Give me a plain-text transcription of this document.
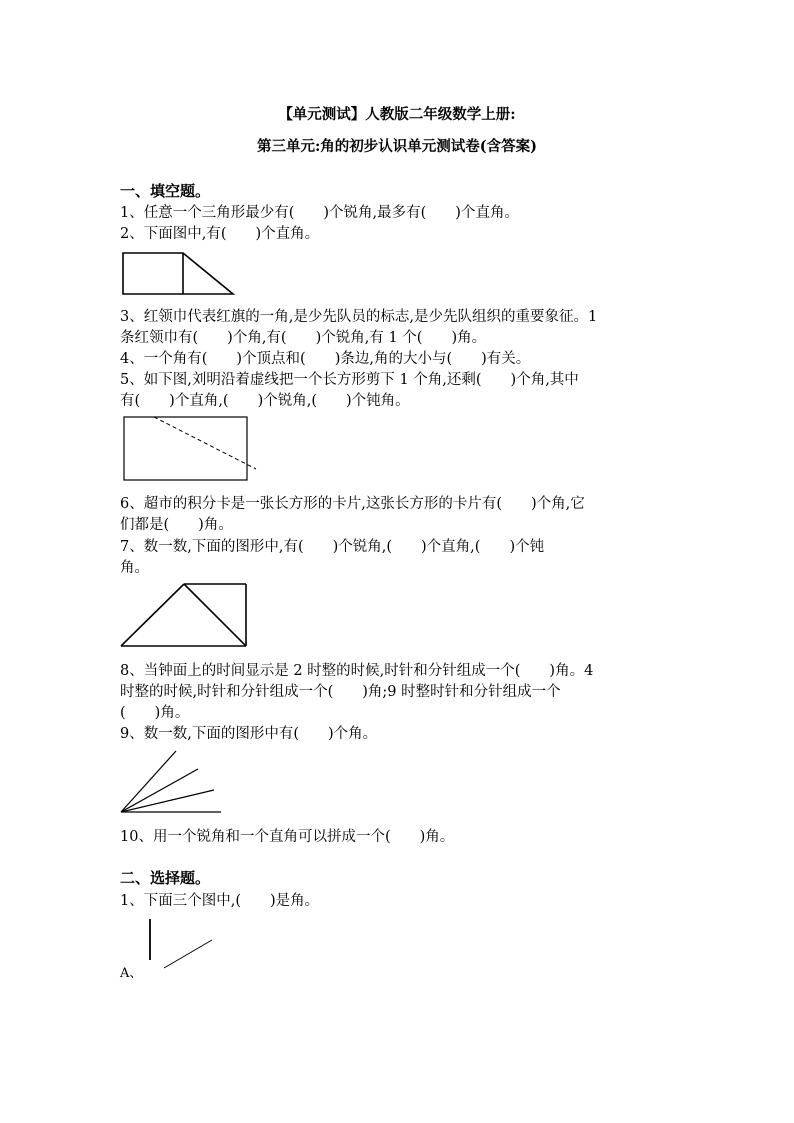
【单元测试】人教版二年级数学上册:
第三单元:角的初步认识单元测试卷(含答案)
一、填空题。
1、任意一个三角形最少有(　　)个锐角,最多有(　　)个直角。
2、下面图中,有(　　)个直角。
3、红领巾代表红旗的一角,是少先队员的标志,是少先队组织的重要象征。1
条红领巾有(　　)个角,有(　　)个锐角,有 1 个(　　)角。
4、一个角有(　　)个顶点和(　　)条边,角的大小与(　　)有关。
5、如下图,刘明沿着虚线把一个长方形剪下 1 个角,还剩(　　)个角,其中
有(　　)个直角,(　　)个锐角,(　　)个钝角。
6、超市的积分卡是一张长方形的卡片,这张长方形的卡片有(　　)个角,它
们都是(　　)角。
7、数一数,下面的图形中,有(　　)个锐角,(　　)个直角,(　　)个钝
角。
8、当钟面上的时间显示是 2 时整的时候,时针和分针组成一个(　　)角。4
时整的时候,时针和分针组成一个(　　)角;9 时整时针和分针组成一个
(　　)角。
9、数一数,下面的图形中有(　　)个角。
10、用一个锐角和一个直角可以拼成一个(　　)角。
二、选择题。
1、下面三个图中,(　　)是角。
A、
